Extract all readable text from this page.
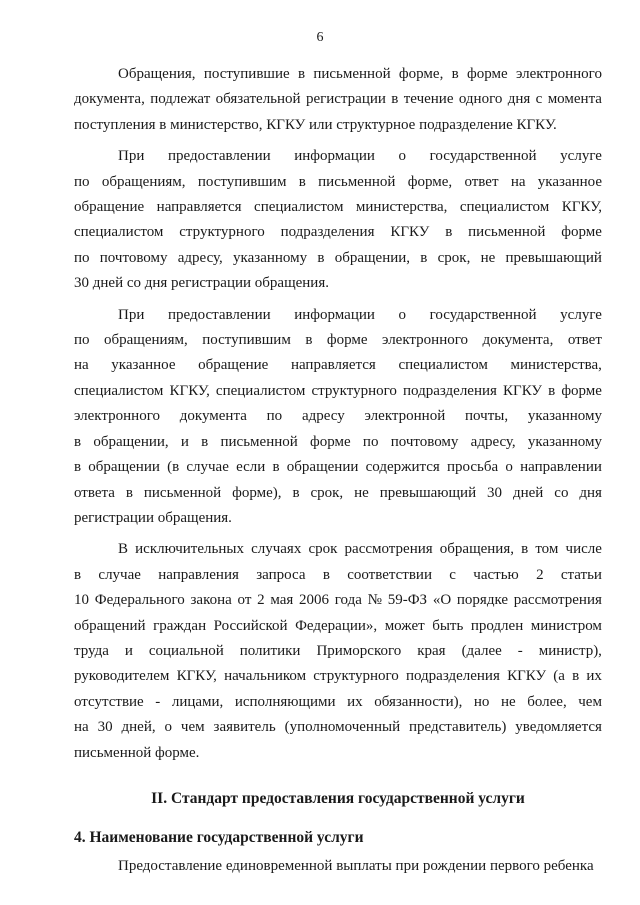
6
Обращения, поступившие в письменной форме, в форме электронного
документа, подлежат обязательной регистрации в течение одного дня с момента
поступления в министерство, КГКУ или структурное подразделение КГКУ.
При предоставлении информации о государственной услуге
по обращениям, поступившим в письменной форме, ответ на указанное
обращение направляется специалистом министерства, специалистом КГКУ,
специалистом структурного подразделения КГКУ в письменной форме
по почтовому адресу, указанному в обращении, в срок, не превышающий
30 дней со дня регистрации обращения.
При предоставлении информации о государственной услуге
по обращениям, поступившим в форме электронного документа, ответ
на указанное обращение направляется специалистом министерства,
специалистом КГКУ, специалистом структурного подразделения КГКУ в форме
электронного документа по адресу электронной почты, указанному
в обращении, и в письменной форме по почтовому адресу, указанному
в обращении (в случае если в обращении содержится просьба о направлении
ответа в письменной форме), в срок, не превышающий 30 дней со дня
регистрации обращения.
В исключительных случаях срок рассмотрения обращения, в том числе
в случае направления запроса в соответствии с частью 2 статьи
10 Федерального закона от 2 мая 2006 года № 59-ФЗ «О порядке рассмотрения
обращений граждан Российской Федерации», может быть продлен министром
труда и социальной политики Приморского края (далее - министр),
руководителем КГКУ, начальником структурного подразделения КГКУ (а в их
отсутствие - лицами, исполняющими их обязанности), но не более, чем
на 30 дней, о чем заявитель (уполномоченный представитель) уведомляется
письменной форме.
II. Стандарт предоставления государственной услуги
4. Наименование государственной услуги
Предоставление единовременной выплаты при рождении первого ребенка
